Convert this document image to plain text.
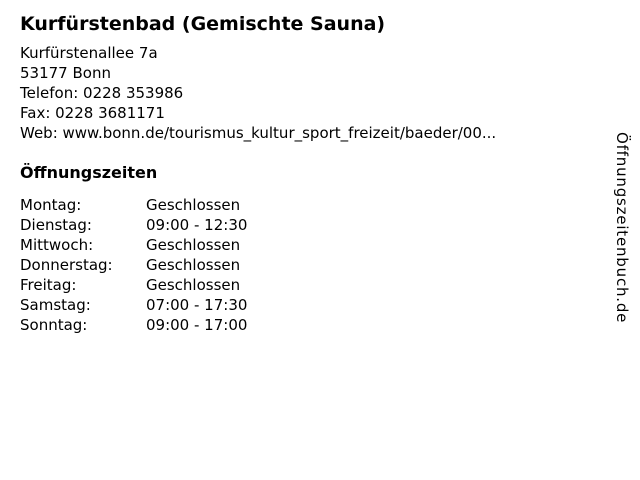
Kurfürstenbad (Gemischte Sauna)
Kurfürstenallee 7a
53177 Bonn
Telefon: 0228 353986
Fax: 0228 3681171
Web: www.bonn.de/tourismus_kultur_sport_freizeit/baeder/00...
Öffnungszeiten
Montag:	Geschlossen
Dienstag:	09:00 - 12:30
Mittwoch:	Geschlossen
Donnerstag:	Geschlossen
Freitag:	Geschlossen
Samstag:	07:00 - 17:30
Sonntag:	09:00 - 17:00
Öffnungszeitenbuch.de
